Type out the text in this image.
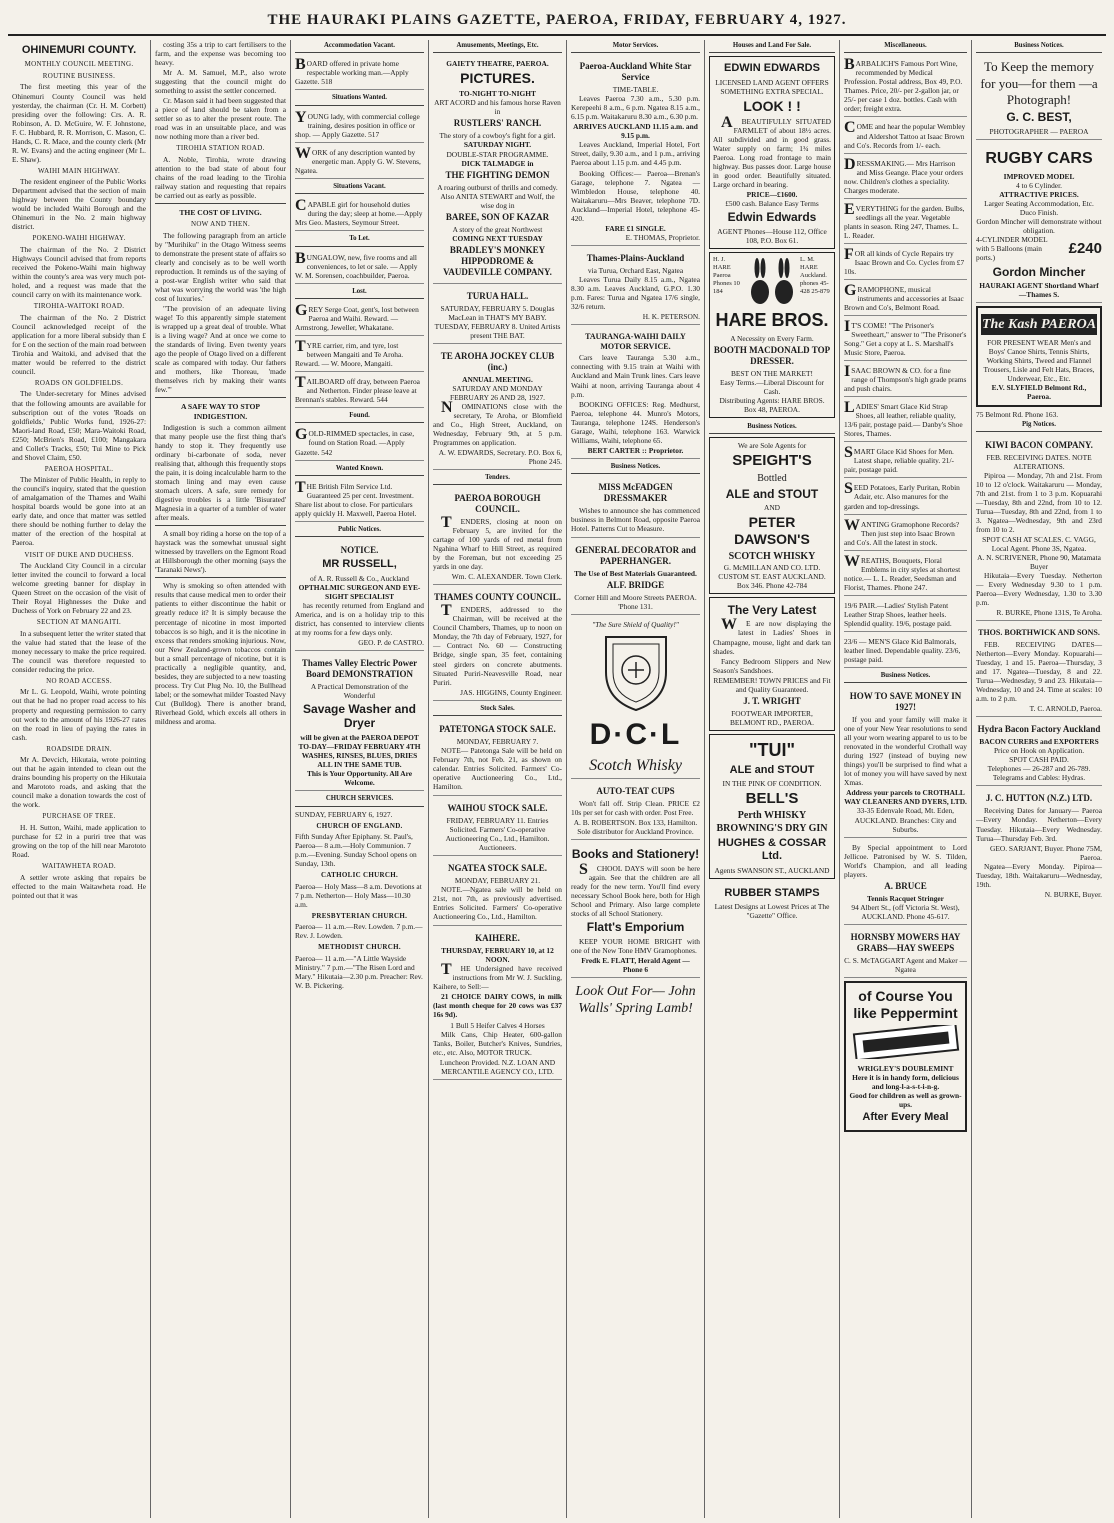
THE HAURAKI PLAINS GAZETTE, PAEROA, FRIDAY, FEBRUARY 4, 1927.
OHINEMURI COUNTY.
MONTHLY COUNCIL MEETING.
ROUTINE BUSINESS.
The first meeting this year of the Ohinemuri County Council was held yesterday, the chairman (Cr. H. M. Corbett) presiding over the following: Crs. A. R. Robinson, A. D. McGuire, W. F. Johnstone, F. C. Hubbard, R. R. Morrison, C. Mason, C. Hands, C. R. Mace, and the county clerk (Mr R. W. Evans) and the acting engineer (Mr L. E. Shaw).
WAIHI MAIN HIGHWAY.
The resident engineer of the Public Works Department advised that the section of main highway between the County boundary would be included Waihi Borough and the Ohinemuri in the No. 2 main highway district.
POKENO-WAIHI HIGHWAY.
The chairman of the No. 2 District Highways Council advised that from reports received the Pokeno-Waihi main highway within the county's area was very much pot-holed, and a request was made that the council carry on with its maintenance work.
TIROHIA-WAITOKI ROAD.
The chairman of the No. 2 District Council acknowledged receipt of the application for a more liberal subsidy than £ for £ on the section of the main road between Tirohia and Waitoki, and advised that the matter would be referred to the district council.
ROADS ON GOLDFIELDS.
The Under-secretary for Mines advised that the following amounts are available for subscription out of the votes 'Roads on goldfields,' Public Works fund, 1926-27: Maori-land Road, £50; Mara-Waitoki Road, £250; McBrien's Road, £100; Mangakara and Collet's Tracks, £50; Tui Mine to Pick and Shovel Claim, £50.
PAEROA HOSPITAL.
The Minister of Public Health, in reply to the council's inquiry, stated that the question of amalgamation of the Thames and Waihi hospital boards would be gone into at an early date, and once that matter was settled there should be nothing further to delay the matter of the erection of the hospital at Paeroa.
VISIT OF DUKE AND DUCHESS.
The Auckland City Council in a circular letter invited the council to forward a local welcome greeting banner for display in Queen Street on the occasion of the visit of Their Royal Highnesses the Duke and Duchess of York on February 22 and 23.
SECTION AT MANGAITI.
In a subsequent letter the writer stated that the value had stated that the lease of the money necessary to make the price required. The council was therefore requested to consider reducing the price.
NO ROAD ACCESS.
Mr L. G. Leopold, Waihi, wrote pointing out that he had no proper road access to his property and requesting permission to carry out work to the amount of his 1926-27 rates on the road in lieu of paying the rates in cash.
ROADSIDE DRAIN.
Mr A. Devcich, Hikutaia, wrote pointing out that he again intended to clean out the drains bounding his property on the Hikutaia and Marototo roads, and asking that the council make a donation towards the cost of the work.
PURCHASE OF TREE.
H. H. Sutton, Waihi, made application to purchase for £2 in a puriri tree that was growing on the top of the hill near Marototo Road.
WAITAWHETA ROAD.
A settler wrote asking that repairs be effected to the main Waitawheta road. He pointed out that it was
costing 35s a trip to cart fertilisers to the farm, and the expense was becoming too heavy.
Mr A. M. Samuel, M.P., also wrote suggesting that the council might do something to assist the settler concerned.
Cr. Mason said it had been suggested that a piece of land should be taken from a settler so as to alter the present route. The road was in an unsuitable place, and was now nothing more than a river bed.
TIROHIA STATION ROAD.
A. Noble, Tirohia, wrote drawing attention to the bad state of about four chains of the road leading to the Tirohia railway station and requesting that repairs be carried out as early as possible.
THE COST OF LIVING.
NOW AND THEN.
The following paragraph from an article by "Murihiku" in the Otago Witness seems to demonstrate the present state of affairs so clearly and concisely as to be well worth reproduction. It reminds us of the saying of a post-war English writer who said that what was worrying the world was 'the high cost of luxuries.'
"The provision of an adequate living wage! To this apparently simple statement is wrapped up a great deal of trouble. What is a living wage? And at once we come to the standards of living. Even twenty years ago the people of Otago lived on a different scale as compared with today. Our fathers and mothers, like Thoreau, 'made themselves rich by making their wants few.'"
A SAFE WAY TO STOP INDIGESTION.
Indigestion is such a common ailment that many people use the first thing that's handy to stop it. They frequently use ordinary bi-carbonate of soda, never realising that, although this frequently stops the pain, it is doing incalculable harm to the stomach lining and may even cause stomach ulcers. A safe, sure remedy for digestive troubles is a little 'Bisurated' Magnesia in a quarter of a tumbler of water after meals.
A small boy riding a horse on the top of a haystack was the somewhat unusual sight witnessed by travellers on the Egmont Road at Hillsborough the other morning (says the 'Taranaki News').
Why is smoking so often attended with results that cause medical men to order their patients to either discontinue the habit or greatly reduce it? It is simply because the percentage of nicotine in most imported tobaccos is so high, and it is the nicotine in excess that renders smoking injurious. Now, our New Zealand-grown tobaccos contain but a small percentage of nicotine, but it is practically a negligible quantity, and, besides, they are subjected to a new toasting process. Try Cut Plug No. 10, the Bullhead label; or the somewhat milder Toasted Navy Cut (Bulldog). There is another brand, Riverhead Gold, which excels all others in mildness and aroma.
Accommodation Vacant.
BOARD offered in private home respectable working man.—Apply Gazette. 518
Situations Wanted.
YOUNG lady, with commercial college training, desires position in office or shop. — Apply Gazette. 517
WORK of any description wanted by energetic man. Apply G. W. Stevens, Ngatea.
Situations Vacant.
CAPABLE girl for household duties during the day; sleep at home.—Apply Mrs Geo. Masters, Seymour Street.
To Let.
BUNGALOW, new, five rooms and all conveniences, to let or sale. — Apply W. M. Sorensen, coachbuilder, Paeroa.
Lost.
GREY Serge Coat, gent's, lost between Paeroa and Waihi. Reward. — Armstrong, Jeweller, Whakatane.
TYRE carrier, rim, and tyre, lost between Mangaiti and Te Aroha. Reward. — W. Moore, Mangaiti.
TAILBOARD off dray, between Paeroa and Netherton. Finder please leave at Brennan's stables. Reward. 544
Found.
GOLD-RIMMED spectacles, in case, found on Station Road. —Apply Gazette. 542
Wanted Known.
THE British Film Service Ltd. Guaranteed 25 per cent. Investment. Share list about to close. For particulars apply quickly H. Maxwell, Paeroa Hotel.
Public Notices.
NOTICE.
MR RUSSELL,
of A. R. Russell & Co., Auckland
OPTHALMIC SURGEON AND EYE-SIGHT SPECIALIST
has recently returned from England and America, and is on a holiday trip to this district, has consented to interview clients at my rooms for a few days only.
GEO. P. de CASTRO.
Thames Valley Electric Power Board DEMONSTRATION
A Practical Demonstration of the Wonderful
Savage Washer and Dryer
will be given at the PAEROA DEPOT TO-DAY—FRIDAY FEBRUARY 4TH
WASHES, RINSES, BLUES, DRIES ALL IN THE SAME TUB.
This is Your Opportunity. All Are Welcome.
CHURCH SERVICES.
SUNDAY, FEBRUARY 6, 1927.
CHURCH OF ENGLAND.
Fifth Sunday After Epiphany. St. Paul's, Paeroa— 8 a.m.—Holy Communion. 7 p.m.—Evening. Sunday School opens on Sunday, 13th.
CATHOLIC CHURCH.
Paeroa— Holy Mass—8 a.m. Devotions at 7 p.m. Netherton— Holy Mass—10.30 a.m.
PRESBYTERIAN CHURCH.
Paeroa— 11 a.m.—Rev. Lowden. 7 p.m.—Rev. J. Lowden.
METHODIST CHURCH.
Paeroa— 11 a.m.—"A Little Wayside Ministry." 7 p.m.—"The Risen Lord and Mary." Hikutaia—2.30 p.m. Preacher: Rev. W. B. Pickering.
Amusements, Meetings, Etc.
GAIETY THEATRE, PAEROA.
PICTURES.
TO-NIGHT TO-NIGHT
ART ACORD and his famous horse Raven in
RUSTLERS' RANCH.
The story of a cowboy's fight for a girl.
SATURDAY NIGHT.
DOUBLE-STAR PROGRAMME.
DICK TALMADGE in
THE FIGHTING DEMON
A roaring outburst of thrills and comedy. Also ANITA STEWART and Wolf, the wise dog in
BAREE, SON OF KAZAR
A story of the great Northwest
COMING NEXT TUESDAY
BRADLEY'S MONKEY HIPPODROME & VAUDEVILLE COMPANY.
TURUA HALL.
SATURDAY, FEBRUARY 5. Douglas MacLean in THAT'S MY BABY.
TUESDAY, FEBRUARY 8. United Artists present THE BAT.
TE AROHA JOCKEY CLUB (inc.)
ANNUAL MEETING.
SATURDAY AND MONDAY FEBRUARY 26 AND 28, 1927.
NOMINATIONS close with the secretary, Te Aroha, or Blomfield and Co., High Street, Auckland, on Wednesday, February 9th, at 5 p.m. Programmes on application.
A. W. EDWARDS, Secretary. P.O. Box 6, Phone 245.
Tenders.
PAEROA BOROUGH COUNCIL.
TENDERS, closing at noon on February 5, are invited for the cartage of 100 yards of red metal from Ngahina Wharf to Hill Street, as required by the Foreman, but not exceeding 25 yards in one day.
Wm. C. ALEXANDER. Town Clerk.
THAMES COUNTY COUNCIL.
TENDERS, addressed to the Chairman, will be received at the Council Chambers, Thames, up to noon on Monday, the 7th day of February, 1927, for— Contract No. 60 — Constructing Bridge, single span, 35 feet, containing steel girders on concrete abutments. Situated Puriri-Neavesville Road, near Puriri.
JAS. HIGGINS, County Engineer.
Stock Sales.
PATETONGA STOCK SALE.
MONDAY, FEBRUARY 7.
NOTE— Patetonga Sale will be held on February 7th, not Feb. 21, as shown on calendar. Entries Solicited. Farmers' Co-operative Auctioneering Co., Ltd., Hamilton.
WAIHOU STOCK SALE.
FRIDAY, FEBRUARY 11. Entries Solicited. Farmers' Co-operative Auctioneering Co., Ltd., Hamilton. Auctioneers.
NGATEA STOCK SALE.
MONDAY, FEBRUARY 21.
NOTE.—Ngatea sale will be held on 21st, not 7th, as previously advertised. Entries Solicited. Farmers' Co-operative Auctioneering Co., Ltd., Hamilton.
KAIHERE.
THURSDAY, FEBRUARY 10, at 12 NOON.
THE Undersigned have received instructions from Mr W. J. Suckling, Kaihere, to Sell:—
21 CHOICE DAIRY COWS, in milk (last month cheque for 20 cows was £37 16s 9d).
1 Bull 5 Heifer Calves 4 Horses
Milk Cans, Chip Heater, 600-gallon Tanks, Boiler, Butcher's Knives, Sundries, etc., etc. Also, MOTOR TRUCK.
Luncheon Provided. N.Z. LOAN AND MERCANTILE AGENCY CO., LTD.
Motor Services.
Paeroa-Auckland White Star Service
TIME-TABLE.
Leaves Paeroa 7.30 a.m., 5.30 p.m. Kerepeehi 8 a.m., 6 p.m. Ngatea 8.15 a.m., 6.15 p.m. Waitakaruru 8.30 a.m., 6.30 p.m.
ARRIVES AUCKLAND 11.15 a.m. and 9.15 p.m.
Leaves Auckland, Imperial Hotel, Fort Street, daily, 9.30 a.m., and 1 p.m., arriving Paeroa about 1.15 p.m. and 4.45 p.m.
Booking Offices:— Paeroa—Brenan's Garage, telephone 7. Ngatea — Wimbledon House, telephone 40. Waitakaruru—Mrs Beaver, telephone 7D. Auckland—Imperial Hotel, telephone 45-420.
FARE £1 SINGLE.
E. THOMAS, Proprietor.
Thames-Plains-Auckland
via Turua, Orchard East, Ngatea
Leaves Turua Daily 8.15 a.m., Ngatea 8.30 a.m. Leaves Auckland, G.P.O. 1.30 p.m. Fares: Turua and Ngatea 17/6 single, 32/6 return.
H. K. PETERSON.
TAURANGA-WAIHI DAILY MOTOR SERVICE.
Cars leave Tauranga 5.30 a.m., connecting with 9.15 train at Waihi with Auckland and Main Trunk lines. Cars leave Waihi at noon, arriving Tauranga about 4 p.m.
BOOKING OFFICES: Reg. Medhurst, Paeroa, telephone 44. Munro's Motors, Tauranga, telephone 124S. Henderson's Garage, Waihi, telephone 163. Warwick Williams, Waihi, telephone 65.
BERT CARTER :: Proprietor.
Business Notices.
MISS McFADGEN DRESSMAKER
Wishes to announce she has commenced business in Belmont Road, opposite Paeroa Hotel. Patterns Cut to Measure.
GENERAL DECORATOR and PAPERHANGER.
The Use of Best Materials Guaranteed.
ALF. BRIDGE
Corner Hill and Moore Streets PAEROA. 'Phone 131.
"The Sure Shield of Quality!"
D·C·L
Scotch Whisky
AUTO-TEAT CUPS
Won't fall off. Strip Clean. PRICE £2 10s per set for cash with order. Post Free.
A. B. ROBERTSON. Box 133, Hamilton. Sole distributor for Auckland Province.
Books and Stationery!
SCHOOL DAYS will soon be here again. See that the children are all ready for the new term. You'll find every necessary School Book here, both for High School and Primary. Also large complete stocks of all School Stationery.
Flatt's Emporium
KEEP YOUR HOME BRIGHT with one of the New Tone HMV Gramophones.
Fredk E. FLATT, Herald Agent — Phone 6
Look Out For— John Walls' Spring Lamb!
Houses and Land For Sale.
EDWIN EDWARDS
LICENSED LAND AGENT OFFERS SOMETHING EXTRA SPECIAL.
LOOK ! !
ABEAUTIFULLY SITUATED FARMLET of about 18½ acres. All subdivided and in good grass. Water supply on farm; 1¾ miles Paeroa. Long road frontage to main highway. Bus passes door. Large house in good order. Beautifully situated. Large orchard in bearing.
PRICE—£1600.
£500 cash. Balance Easy Terms
Edwin Edwards
AGENT Phones—House 112, Office 108, P.O. Box 61.
H. J. HARE Paeroa Phones 10 184
L. M. HARE Auckland. phones 45-428 25-879
HARE BROS.
A Necessity on Every Farm.
BOOTH MACDONALD TOP DRESSER.
BEST ON THE MARKET!
Easy Terms.—Liberal Discount for Cash.
Distributing Agents: HARE BROS. Box 48, PAEROA.
Business Notices.
We are Sole Agents for
SPEIGHT'S
Bottled
ALE and STOUT
AND
PETER DAWSON'S
SCOTCH WHISKY
G. McMILLAN AND CO. LTD.
CUSTOM ST. EAST AUCKLAND.
Box 346. Phone 42-784
The Very Latest
WE are now displaying the latest in Ladies' Shoes in Champagne, mouse, light and dark tan shades.
Fancy Bedroom Slippers and New Season's Sandshoes.
REMEMBER! TOWN PRICES and Fit and Quality Guaranteed.
J. T. WRIGHT
FOOTWEAR IMPORTER, BELMONT RD., PAEROA.
"TUI"
ALE and STOUT
IN THE PINK OF CONDITION.
BELL'S
Perth WHISKY
BROWNING'S DRY GIN
HUGHES & COSSAR Ltd.
Agents SWANSON ST., AUCKLAND
RUBBER STAMPS
Latest Designs at Lowest Prices at The "Gazette" Office.
Miscellaneous.
BARBALICH'S Famous Port Wine, recommended by Medical Profession. Postal address, Box 49, P.O. Thames. Price, 20/- per 2-gallon jar, or 25/- per case 1 doz. bottles. Cash with order; freight extra.
COME and hear the popular Wembley and Aldershot Tattoo at Isaac Brown and Co's. Records from 1/- each.
DRESSMAKING.— Mrs Harrison and Miss Geange. Place your orders now. Children's clothes a speciality. Charges moderate.
EVERYTHING for the garden. Bulbs, seedlings all the year. Vegetable plants in season. Ring 247, Thames. L. L. Reader.
FOR all kinds of Cycle Repairs try Isaac Brown and Co. Cycles from £7 10s.
GRAMOPHONE, musical instruments and accessories at Isaac Brown and Co's, Belmont Road.
IT'S COME! "The Prisoner's Sweetheart," answer to "The Prisoner's Song." Get a copy at L. S. Marshall's Music Store, Paeroa.
ISAAC BROWN & CO. for a fine range of Thompson's high grade prams and push chairs.
LADIES' Smart Glace Kid Strap Shoes, all leather, reliable quality, 13/6 pair, postage paid.— Danby's Shoe Stores, Thames.
SMART Glace Kid Shoes for Men. Latest shape, reliable quality. 21/- pair, postage paid.
SEED Potatoes, Early Puritan, Robin Adair, etc. Also manures for the garden and top-dressings.
WANTING Gramophone Records? Then just step into Isaac Brown and Co's. All the latest in stock.
WREATHS, Bouquets, Floral Emblems in city styles at shortest notice.— L. L. Reader, Seedsman and Florist, Thames. Phone 247.
19/6 PAIR.—Ladies' Stylish Patent Leather Strap Shoes, leather heels. Splendid quality. 19/6, postage paid.
23/6 — MEN'S Glace Kid Balmorals, leather lined. Dependable quality. 23/6, postage paid.
Business Notices.
HOW TO SAVE MONEY IN 1927!
If you and your family will make it one of your New Year resolutions to send all your worn wearing apparel to us to be renovated in the wonderful Crothall way during 1927 (instead of buying new things) you'll be surprised to find what a lot of money you will have saved by next Xmas.
Address your parcels to CROTHALL WAY CLEANERS AND DYERS, LTD.
33-35 Edenvale Road, Mt. Eden, AUCKLAND. Branches: City and Suburbs.
By Special appointment to Lord Jellicoe. Patronised by W. S. Tilden, World's Champion, and all leading players.
A. BRUCE
Tennis Racquet Stringer
94 Albert St., (off Victoria St. West), AUCKLAND. Phone 45-617.
HORNSBY MOWERS HAY GRABS—HAY SWEEPS
C. S. McTAGGART Agent and Maker — Ngatea
of Course You like Peppermint
WRIGLEY'S DOUBLEMINT
Here it is in handy form, delicious and long-l-a-s-t-i-n-g.
Good for children as well as grown-ups.
After Every Meal
Business Notices.
To Keep the memory for you—for them —a Photograph!
G. C. BEST,
PHOTOGRAPHER — PAEROA
RUGBY CARS
IMPROVED MODEL
4 to 6 Cylinder.
ATTRACTIVE PRICES.
Larger Seating Accommodation, Etc. Duco Finish.
Gordon Mincher will demonstrate without obligation.
4-CYLINDER MODEL with 5 Balloons (main ports.)
£240
Gordon Mincher
HAURAKI AGENT Shortland Wharf—Thames S.
The Kash PAEROA
FOR PRESENT WEAR Men's and Boys' Canoe Shirts, Tennis Shirts, Working Shirts, Tweed and Flannel Trousers, Lisle and Felt Hats, Braces, Underwear, Etc., Etc.
E.V. SLYFIELD Belmont Rd., Paeroa.
75 Belmont Rd. Phone 163.
Pig Notices.
KIWI BACON COMPANY.
FEB. RECEIVING DATES. NOTE ALTERATIONS.
Pipiroa — Monday, 7th and 21st. From 10 to 12 o'clock. Waitakaruru — Monday, 7th and 21st. from 1 to 3 p.m. Kopuarahi—Tuesday, 8th and 22nd, from 10 to 12. Turua—Tuesday, 8th and 22nd, from 1 to 3. Ngatea—Wednesday, 9th and 23rd from 10 to 2.
SPOT CASH AT SCALES. C. VAGG, Local Agent. Phone 3S, Ngatea.
A. N. SCRIVENER, Phone 90, Matamata Buyer
Hikutaia—Every Tuesday. Netherton — Every Wednesday 9.30 to 1 p.m. Paeroa—Every Wednesday, 1.30 to 3.30 p.m.
R. BURKE, Phone 131S, Te Aroha.
THOS. BORTHWICK AND SONS.
FEB. RECEIVING DATES— Netherton—Every Monday. Kopuarahi—Tuesday, 1 and 15. Paeroa—Thursday, 3 and 17. Ngatea—Tuesday, 8 and 22. Turua—Wednesday, 9 and 23. Hikutaia—Wednesday, 10 and 24. Time at scales: 10 a.m. to 2 p.m.
T. C. ARNOLD, Paeroa.
Hydra Bacon Factory Auckland
BACON CURERS and EXPORTERS
Price on Hook on Application.
SPOT CASH PAID.
Telephones — 26-287 and 26-789. Telegrams and Cables: Hydras.
J. C. HUTTON (N.Z.) LTD.
Receiving Dates for January— Paeroa—Every Monday. Netherton—Every Tuesday. Hikutaia—Every Wednesday. Turua—Thursday Feb. 3rd.
GEO. SARJANT, Buyer. Phone 75M, Paeroa.
Ngatea—Every Monday. Pipiroa—Tuesday, 18th. Waitakaruru—Wednesday, 19th.
N. BURKE, Buyer.
